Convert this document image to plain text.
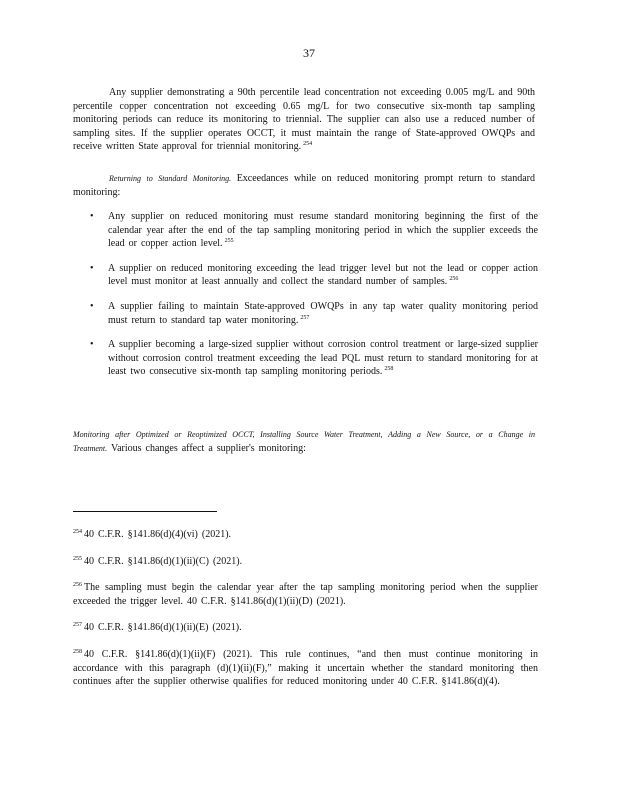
37
Any supplier demonstrating a 90th percentile lead concentration not exceeding 0.005 mg/L and 90th percentile copper concentration not exceeding 0.65 mg/L for two consecutive six-month tap sampling monitoring periods can reduce its monitoring to triennial. The supplier can also use a reduced number of sampling sites. If the supplier operates OCCT, it must maintain the range of State-approved OWQPs and receive written State approval for triennial monitoring. $^{254}$
Returning to Standard Monitoring. Exceedances while on reduced monitoring prompt return to standard monitoring:
• Any supplier on reduced monitoring must resume standard monitoring beginning the first of the calendar year after the end of the tap sampling monitoring period in which the supplier exceeds the lead or copper action level. $^{255}$
• A supplier on reduced monitoring exceeding the lead trigger level but not the lead or copper action level must monitor at least annually and collect the standard number of samples. $^{256}$
• A supplier failing to maintain State-approved OWQPs in any tap water quality monitoring period must return to standard tap water monitoring. $^{257}$
• A supplier becoming a large-sized supplier without corrosion control treatment or large-sized supplier without corrosion control treatment exceeding the lead PQL must return to standard monitoring for at least two consecutive six-month tap sampling monitoring periods. $^{258}$
Monitoring after Optimized or Reoptimized OCCT, Installing Source Water Treatment, Adding a New Source, or a Change in Treatment. Various changes affect a supplier's monitoring:
$^{254}$ 40 C.F.R. §141.86(d)(4)(vi) (2021).
$^{255}$ 40 C.F.R. §141.86(d)(1)(ii)(C) (2021).
$^{256}$ The sampling must begin the calendar year after the tap sampling monitoring period when the supplier exceeded the trigger level. 40 C.F.R. §141.86(d)(1)(ii)(D) (2021).
$^{257}$ 40 C.F.R. §141.86(d)(1)(ii)(E) (2021).
$^{258}$ 40 C.F.R. §141.86(d)(1)(ii)(F) (2021). This rule continues, “and then must continue monitoring in accordance with this paragraph (d)(1)(ii)(F),” making it uncertain whether the standard monitoring then continues after the supplier otherwise qualifies for reduced monitoring under 40 C.F.R. §141.86(d)(4).
